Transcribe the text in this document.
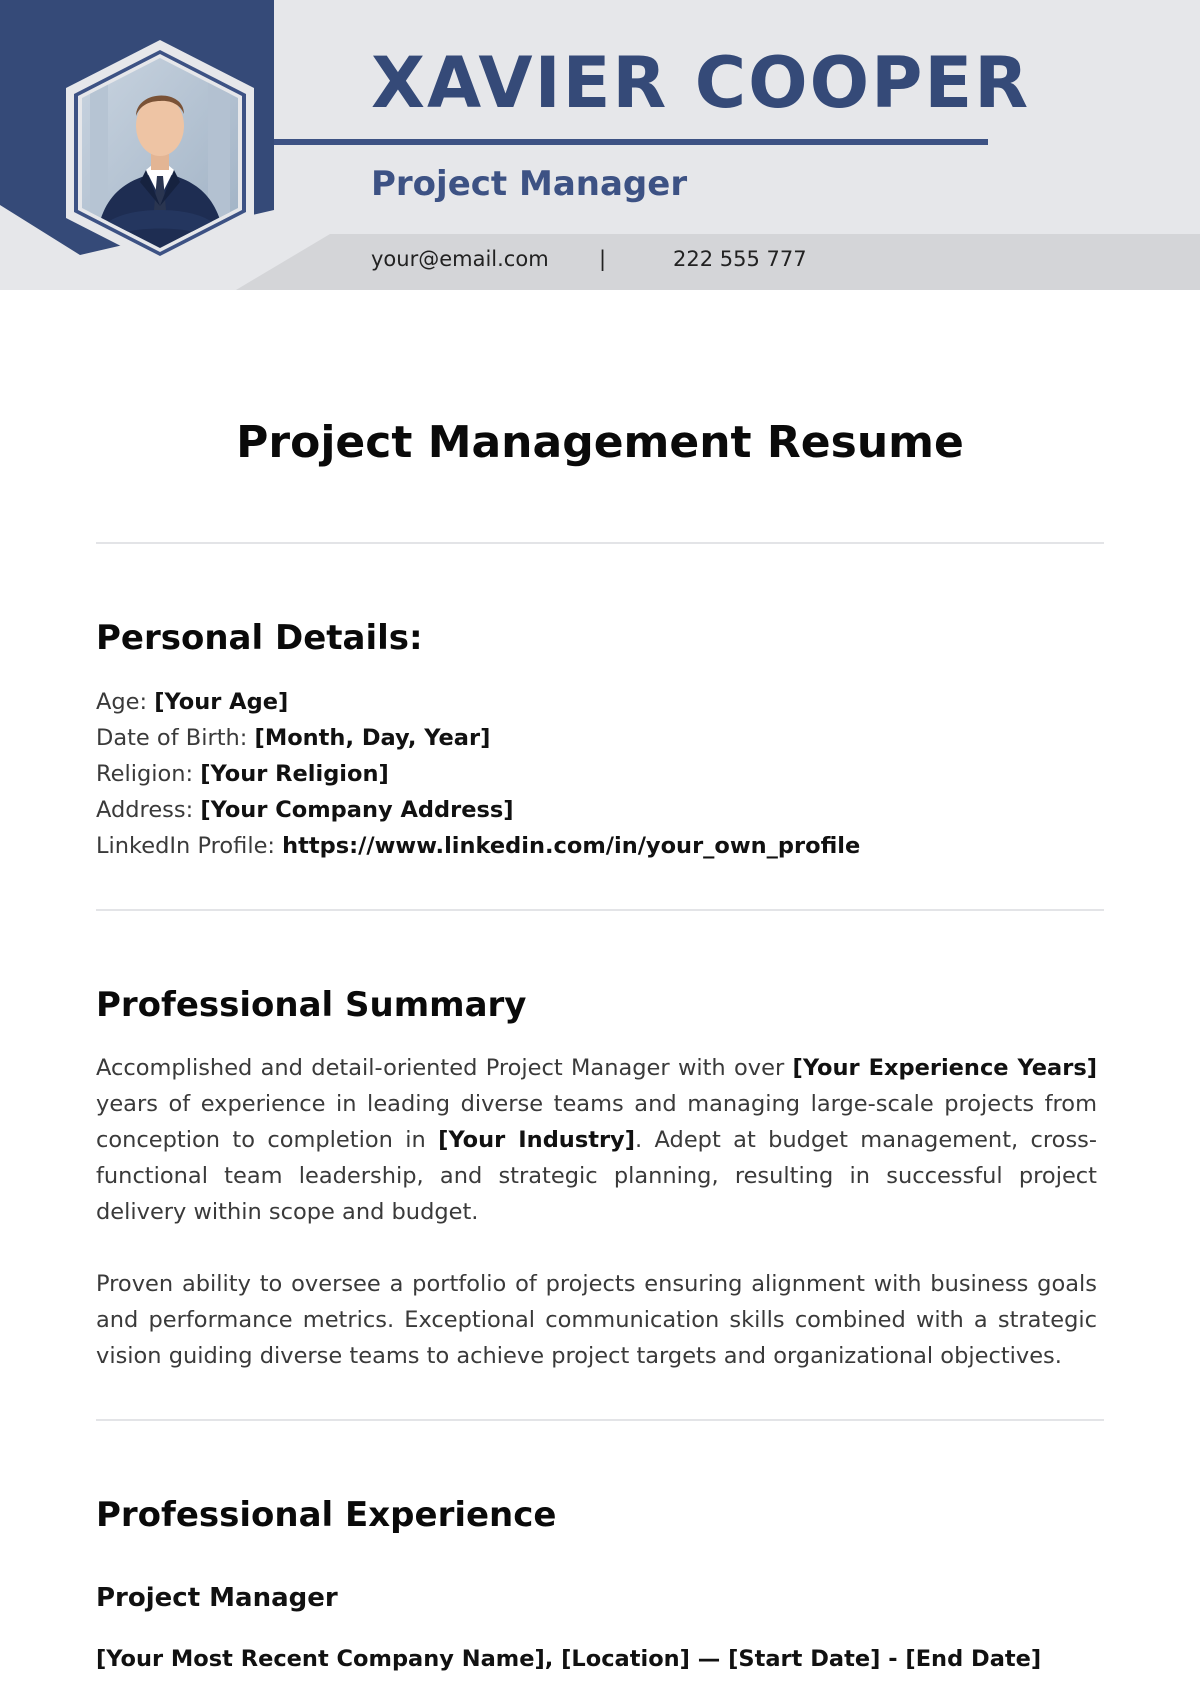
XAVIER COOPER
Project Manager
your@email.com |	222 555 777
Project Management Resume
Personal Details:
Age: [Your Age]
Date of Birth: [Month, Day, Year]
Religion: [Your Religion]
Address: [Your Company Address]
LinkedIn Profile: https://www.linkedin.com/in/your_own_profile
Professional Summary
Accomplished and detail-oriented Project Manager with over [Your Experience Years] years of experience in leading diverse teams and managing large-scale projects from conception to completion in [Your Industry]. Adept at budget management, cross-functional team leadership, and strategic planning, resulting in successful project delivery within scope and budget.
Proven ability to oversee a portfolio of projects ensuring alignment with business goals and performance metrics. Exceptional communication skills combined with a strategic vision guiding diverse teams to achieve project targets and organizational objectives.
Professional Experience
Project Manager
[Your Most Recent Company Name], [Location] — [Start Date] - [End Date]
